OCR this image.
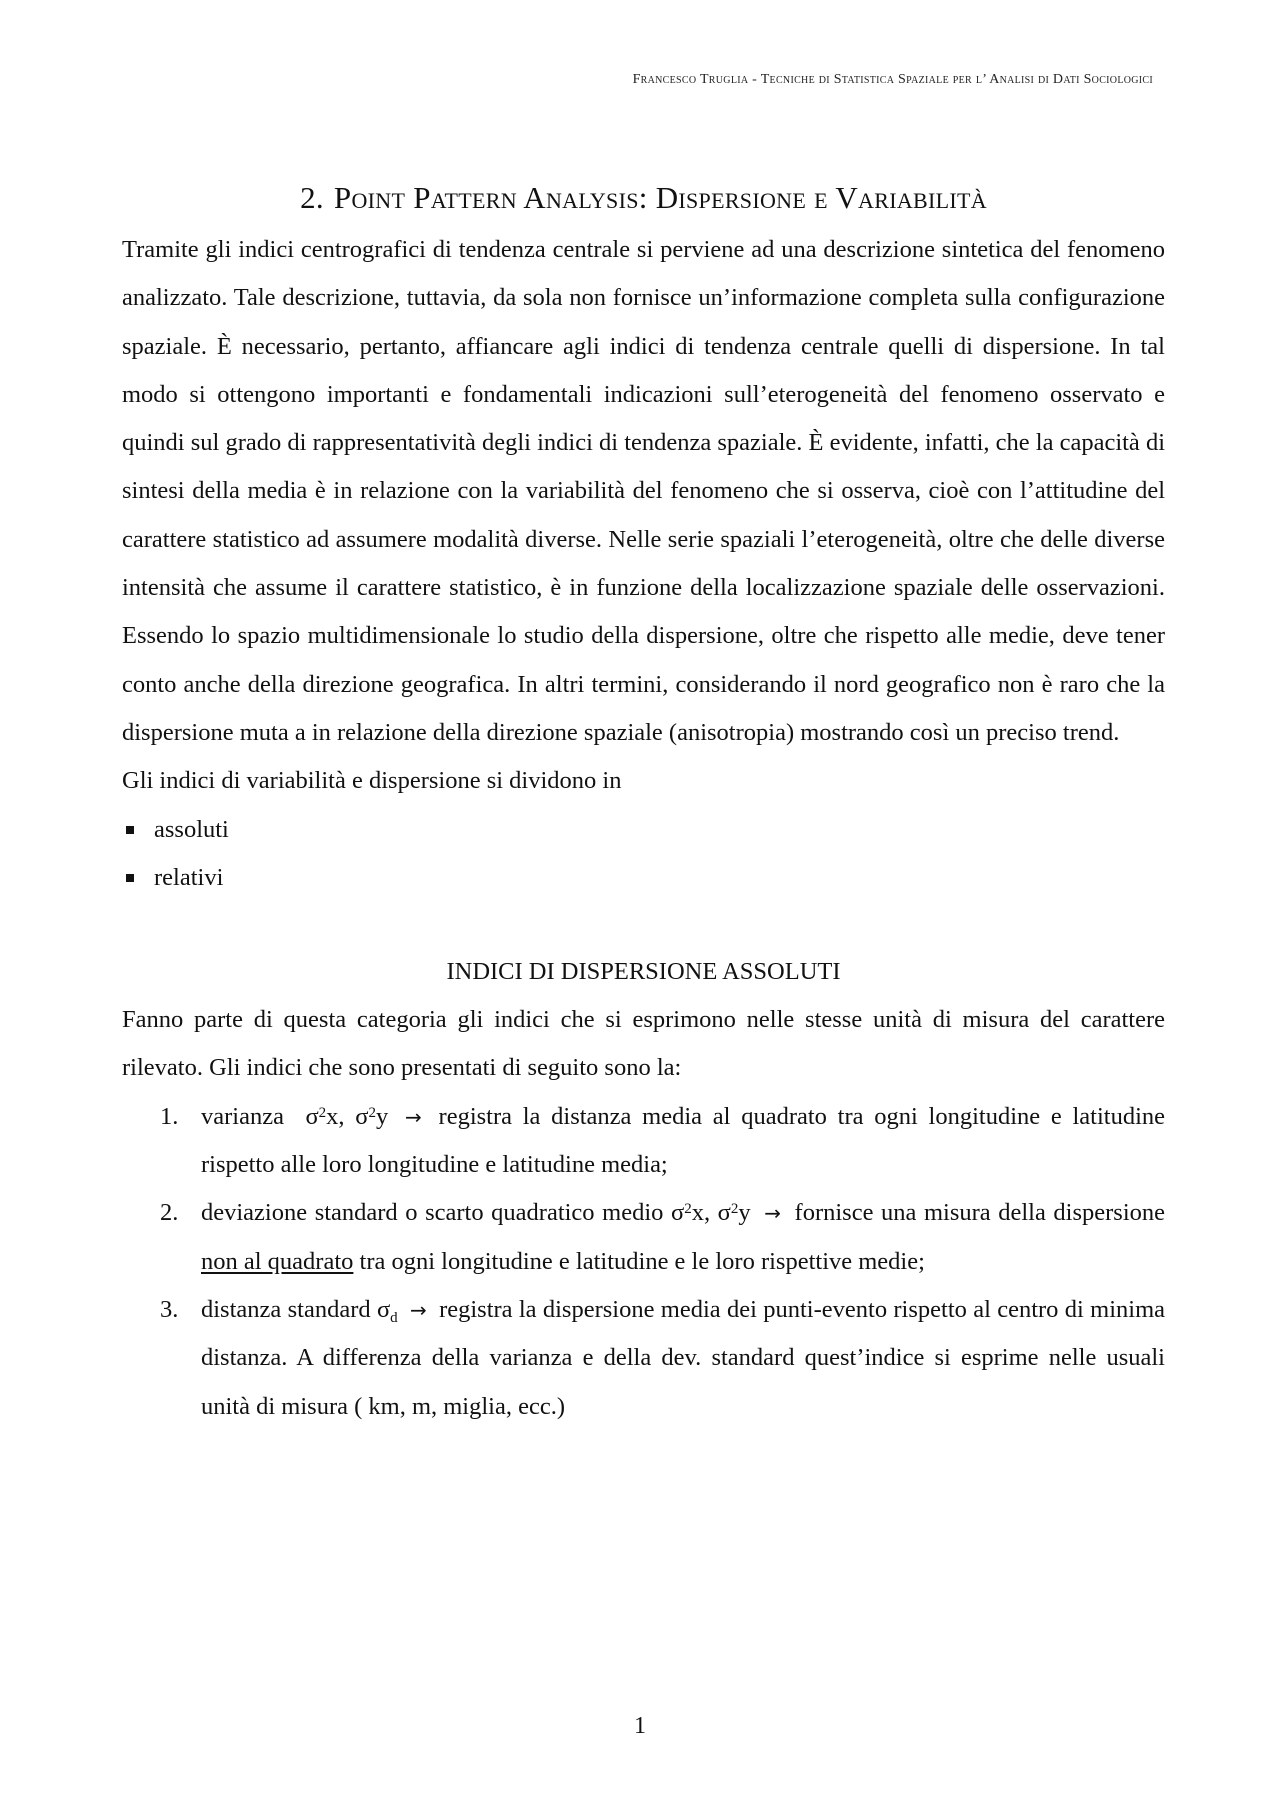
Francesco Truglia - Tecniche di Statistica Spaziale per l’ Analisi di Dati Sociologici
2. Point Pattern Analysis: Dispersione e Variabilità

Tramite gli indici centrografici di tendenza centrale si perviene ad una descrizione sintetica del fenomeno analizzato. Tale descrizione, tuttavia, da sola non fornisce un’informazione completa sulla configurazione spaziale. È necessario, pertanto, affiancare agli indici di tendenza centrale quelli di dispersione. In tal modo si ottengono importanti e fondamentali indicazioni sull’eterogeneità del fenomeno osservato e quindi sul grado di rappresentatività degli indici di tendenza spaziale. È evidente, infatti, che la capacità di sintesi della media è in relazione con la variabilità del fenomeno che si osserva, cioè con l’attitudine del carattere statistico ad assumere modalità diverse. Nelle serie spaziali l’eterogeneità, oltre che delle diverse intensità che assume il carattere statistico, è in funzione della localizzazione spaziale delle osservazioni. Essendo lo spazio multidimensionale lo studio della dispersione, oltre che rispetto alle medie, deve tener conto anche della direzione geografica. In altri termini, considerando il nord geografico non è raro che la dispersione muta a in relazione della direzione spaziale (anisotropia) mostrando così un preciso trend.

Gli indici di variabilità e dispersione si dividono in

assoluti
relativi
INDICI DI DISPERSIONE ASSOLUTI

Fanno parte di questa categoria gli indici che si esprimono nelle stesse unità di misura del carattere rilevato. Gli indici che sono presentati di seguito sono la:

1. varianza $\sigma^2x$, $\sigma^2y$ → registra la distanza media al quadrato tra ogni longitudine e latitudine rispetto alle loro longitudine e latitudine media;
2. deviazione standard o scarto quadratico medio $\sigma^2x$, $\sigma^2y$ → fornisce una misura della dispersione non al quadrato tra ogni longitudine e latitudine e le loro rispettive medie;
3. distanza standard $\sigma_d$ → registra la dispersione media dei punti-evento rispetto al centro di minima distanza. A differenza della varianza e della dev. standard quest’indice si esprime nelle usuali unità di misura ( km, m, miglia, ecc.)
1
